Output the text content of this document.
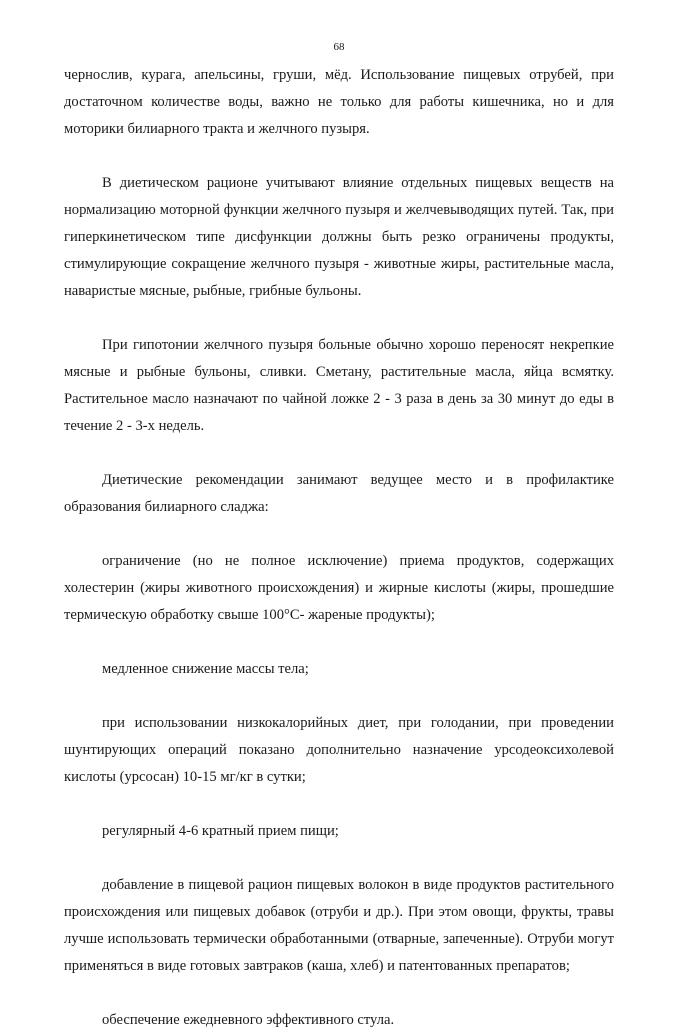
68

чернослив, курага, апельсины, груши, мёд. Использование пищевых отрубей, при достаточном количестве воды, важно не только для работы кишечника, но и для моторики билиарного тракта и желчного пузыря.

В диетическом рационе учитывают влияние отдельных пищевых веществ на нормализацию моторной функции желчного пузыря и желчевыводящих путей. Так, при гиперкинетическом типе дисфункции должны быть резко ограничены продукты, стимулирующие сокращение желчного пузыря - животные жиры, растительные масла, наваристые мясные, рыбные, грибные бульоны.

При гипотонии желчного пузыря больные обычно хорошо переносят некрепкие мясные и рыбные бульоны, сливки. Сметану, растительные масла, яйца всмятку. Растительное масло назначают по чайной ложке 2 - 3 раза в день за 30 минут до еды в течение 2 - 3-х недель.

Диетические рекомендации занимают ведущее место и в профилактике образования билиарного сладжа:

ограничение (но не полное исключение) приема продуктов, содержащих холестерин (жиры животного происхождения) и жирные кислоты (жиры, прошедшие термическую обработку свыше 100°С- жареные продукты);

медленное снижение массы тела;

при использовании низкокалорийных диет, при голодании, при проведении шунтирующих операций показано дополнительно назначение урсодеоксихолевой кислоты (урсосан) 10-15 мг/кг в сутки;

регулярный 4-6 кратный прием пищи;

добавление в пищевой рацион пищевых волокон в виде продуктов растительного происхождения или пищевых добавок (отруби и др.). При этом овощи, фрукты, травы лучше использовать термически обработанными (отварные, запеченные). Отруби могут применяться в виде готовых завтраков (каша, хлеб) и патентованных препаратов;

обеспечение ежедневного эффективного стула.
